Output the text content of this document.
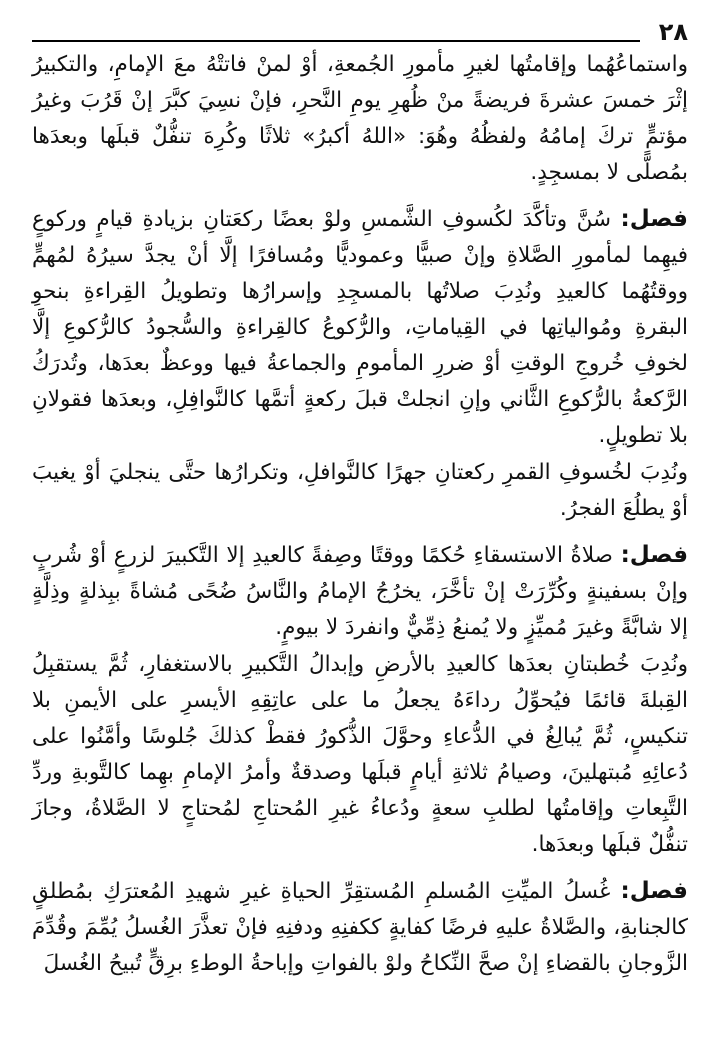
٢٨

واستماعُهُما وإقامتُها لغيرِ مأمورِ الجُمعةِ، أوْ لمنْ فاتتْهُ معَ الإمامِ، والتكبيرُ إثْرَ خمسَ عشرةَ فريضةً منْ ظُهرِ يومِ النَّحرِ، فإنْ نسِيَ كبَّرَ إنْ قَرُبَ وغيرُ مؤتمٍّ تركَ إمامُهُ ولفظُهُ وهُوَ: «اللهُ أكبرُ» ثلاثًا وكُرِهَ تنفُّلٌ قبلَها وبعدَها بمُصلًّى لا بمسجِدٍ.

فصل: سُنَّ وتأكَّدَ لكُسوفِ الشَّمسِ ولوْ بعضًا ركعَتانِ بزيادةِ قيامٍ وركوعٍ فيهِما لمأمورِ الصَّلاةِ وإنْ صبيًّا وعموديًّا ومُسافرًا إلَّا أنْ يجدَّ سيرُهُ لمُهمٍّ ووقتُهُما كالعيدِ ونُدِبَ صلاتُها بالمسجِدِ وإسرارُها وتطويلُ القِراءةِ بنحوِ البقرةِ ومُوالياتِها في القِياماتِ، والرُّكوعُ كالقِراءةِ والسُّجودُ كالرُّكوعِ إلَّا لخوفِ خُروجِ الوقتِ أوْ ضررِ المأمومِ والجماعةُ فيها ووعظٌ بعدَها، وتُدرَكُ الرَّكعةُ بالرُّكوعِ الثَّاني وإنِ انجلتْ قبلَ ركعةٍ أتمَّها كالنَّوافِلِ، وبعدَها فقولانِ بلا تطويلٍ.

ونُدِبَ لخُسوفِ القمرِ ركعتانِ جهرًا كالنَّوافلِ، وتكرارُها حتَّى ينجليَ أوْ يغيبَ أوْ يطلُعَ الفجرُ.

فصل: صلاةُ الاستسقاءِ حُكمًا ووقتًا وصِفةً كالعيدِ إلا التَّكبيرَ لزرعٍ أوْ شُربٍ وإنْ بسفينةٍ وكُرِّرَتْ إنْ تأخَّرَ، يخرُجُ الإمامُ والنَّاسُ ضُحًى مُشاةً ببِذلةٍ وذِلَّةٍ إلا شابَّةً وغيرَ مُميِّزٍ ولا يُمنعُ ذِمِّيٌّ وانفردَ لا بيومٍ.

ونُدِبَ خُطبتانِ بعدَها كالعيدِ بالأرضِ وإبدالُ التَّكبيرِ بالاستغفارِ، ثُمَّ يستقبِلُ القِبلةَ قائمًا فيُحوِّلُ رداءَهُ يجعلُ ما على عاتِقِهِ الأيسرِ على الأيمنِ بلا تنكيسٍ، ثُمَّ يُبالِغُ في الدُّعاءِ وحوَّلَ الذُّكورُ فقطْ كذلكَ جُلوسًا وأمَّنُوا على دُعائِهِ مُبتهلينَ، وصيامُ ثلاثةِ أيامٍ قبلَها وصدقةٌ وأمرُ الإمامِ بهِما كالتَّوبةِ وردِّ التَّبِعاتِ وإقامتُها لطلبِ سعةٍ ودُعاءُ غيرِ المُحتاجِ لمُحتاجٍ لا الصَّلاةُ، وجازَ تنفُّلٌ قبلَها وبعدَها.

فصل: غُسلُ الميِّتِ المُسلمِ المُستقِرِّ الحياةِ غيرِ شهيدِ المُعترَكِ بمُطلقٍ كالجنابةِ، والصَّلاةُ عليهِ فرضًا كفايةٍ ككفنِهِ ودفنِهِ فإنْ تعذَّرَ الغُسلُ يُمِّمَ وقُدِّمَ الزَّوجانِ بالقضاءِ إنْ صحَّ النِّكاحُ ولوْ بالفواتِ وإباحةُ الوطءِ برِقٍّ تُبيحُ الغُسلَ
